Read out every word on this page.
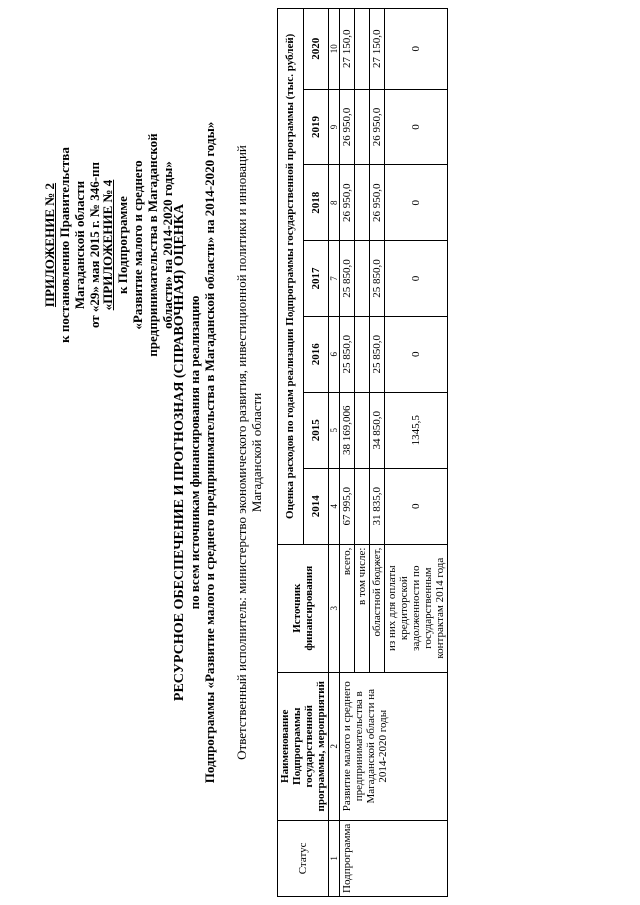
ПРИЛОЖЕНИЕ № 2 к постановлению Правительства Магаданской области от «29» мая 2015 г. № 346-пп
«ПРИЛОЖЕНИЕ № 4 к Подпрограмме «Развитие малого и среднего предпринимательства в Магаданской области» на 2014-2020 годы»
РЕСУРСНОЕ ОБЕСПЕЧЕНИЕ И ПРОГНОЗНАЯ (СПРАВОЧНАЯ) ОЦЕНКА по всем источникам финансирования на реализацию Подпрограммы «Развитие малого и среднего предпринимательства в Магаданской области» на 2014-2020 годы» Ответственный исполнитель: министерство экономического развития, инвестиционной политики и инноваций Магаданской области
Статус	Наименование Подпрограммы государственной программы, мероприятий	Источник финансирования	Оценка расходов по годам реализации Подпрограммы государственной программы (тыс. рублей)						
			2014	2015	2016	2017	2018	2019	2020
1	2	3	4	5	6	7	8	9	10
Подпрограмма	Развитие малого и среднего предпринимательства в Магаданской области на 2014-2020 годы	всего,	67 995,0	38 169,006	25 850,0	25 850,0	26 950,0	26 950,0	27 150,0
		в том числе:							
		областной бюджет,	31 835,0	34 850,0	25 850,0	25 850,0	26 950,0	26 950,0	27 150,0
		из них для оплаты кредиторской задолженности по государственным контрактам 2014 года	0	1345,5	0	0	0	0	0
